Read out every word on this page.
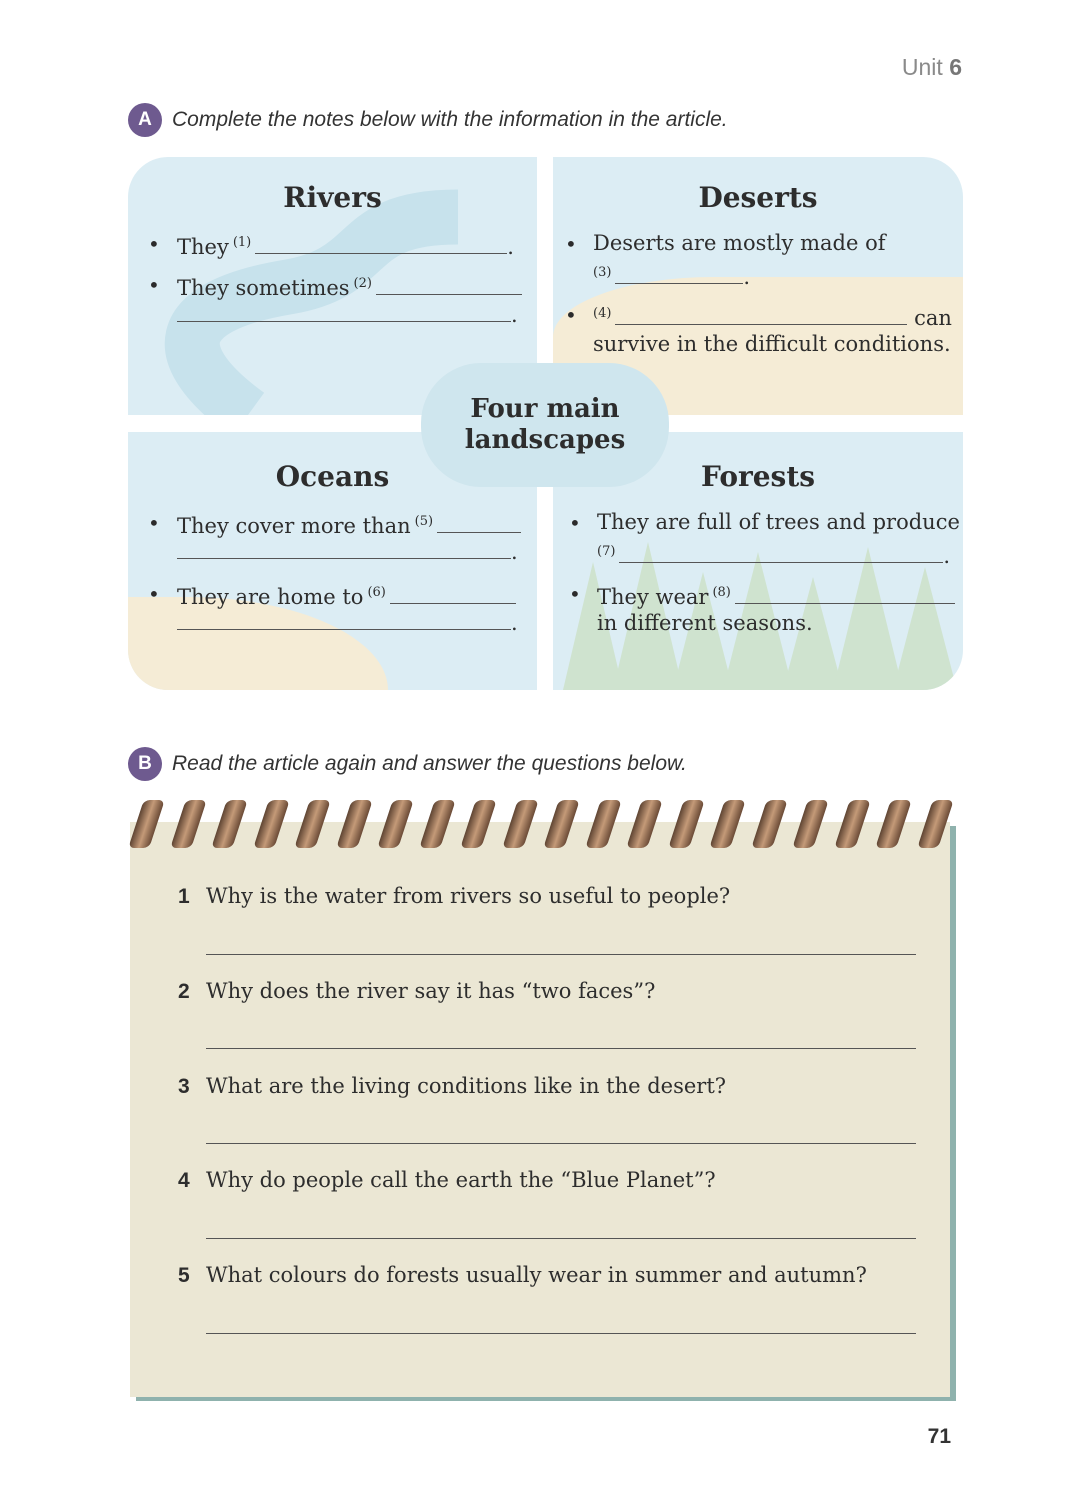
Unit 6
A Complete the notes below with the information in the article.
Rivers
• They $^{(1)}$	.
• They sometimes $^{(2)}$
.
Deserts
• Deserts are mostly made of
$^{(3)}$	.
• $^{(4)}$	can
survive in the difficult conditions.
Oceans
• They cover more than $^{(5)}$
.
• They are home to $^{(6)}$
.
Forests
• They are full of trees and produce
$^{(7)}$	.
• They wear $^{(8)}$
in different seasons.
Four main landscapes
B Read the article again and answer the questions below.
1 Why is the water from rivers so useful to people?
2 Why does the river say it has “two faces”?
3 What are the living conditions like in the desert?
4 Why do people call the earth the “Blue Planet”?
5 What colours do forests usually wear in summer and autumn?
71
